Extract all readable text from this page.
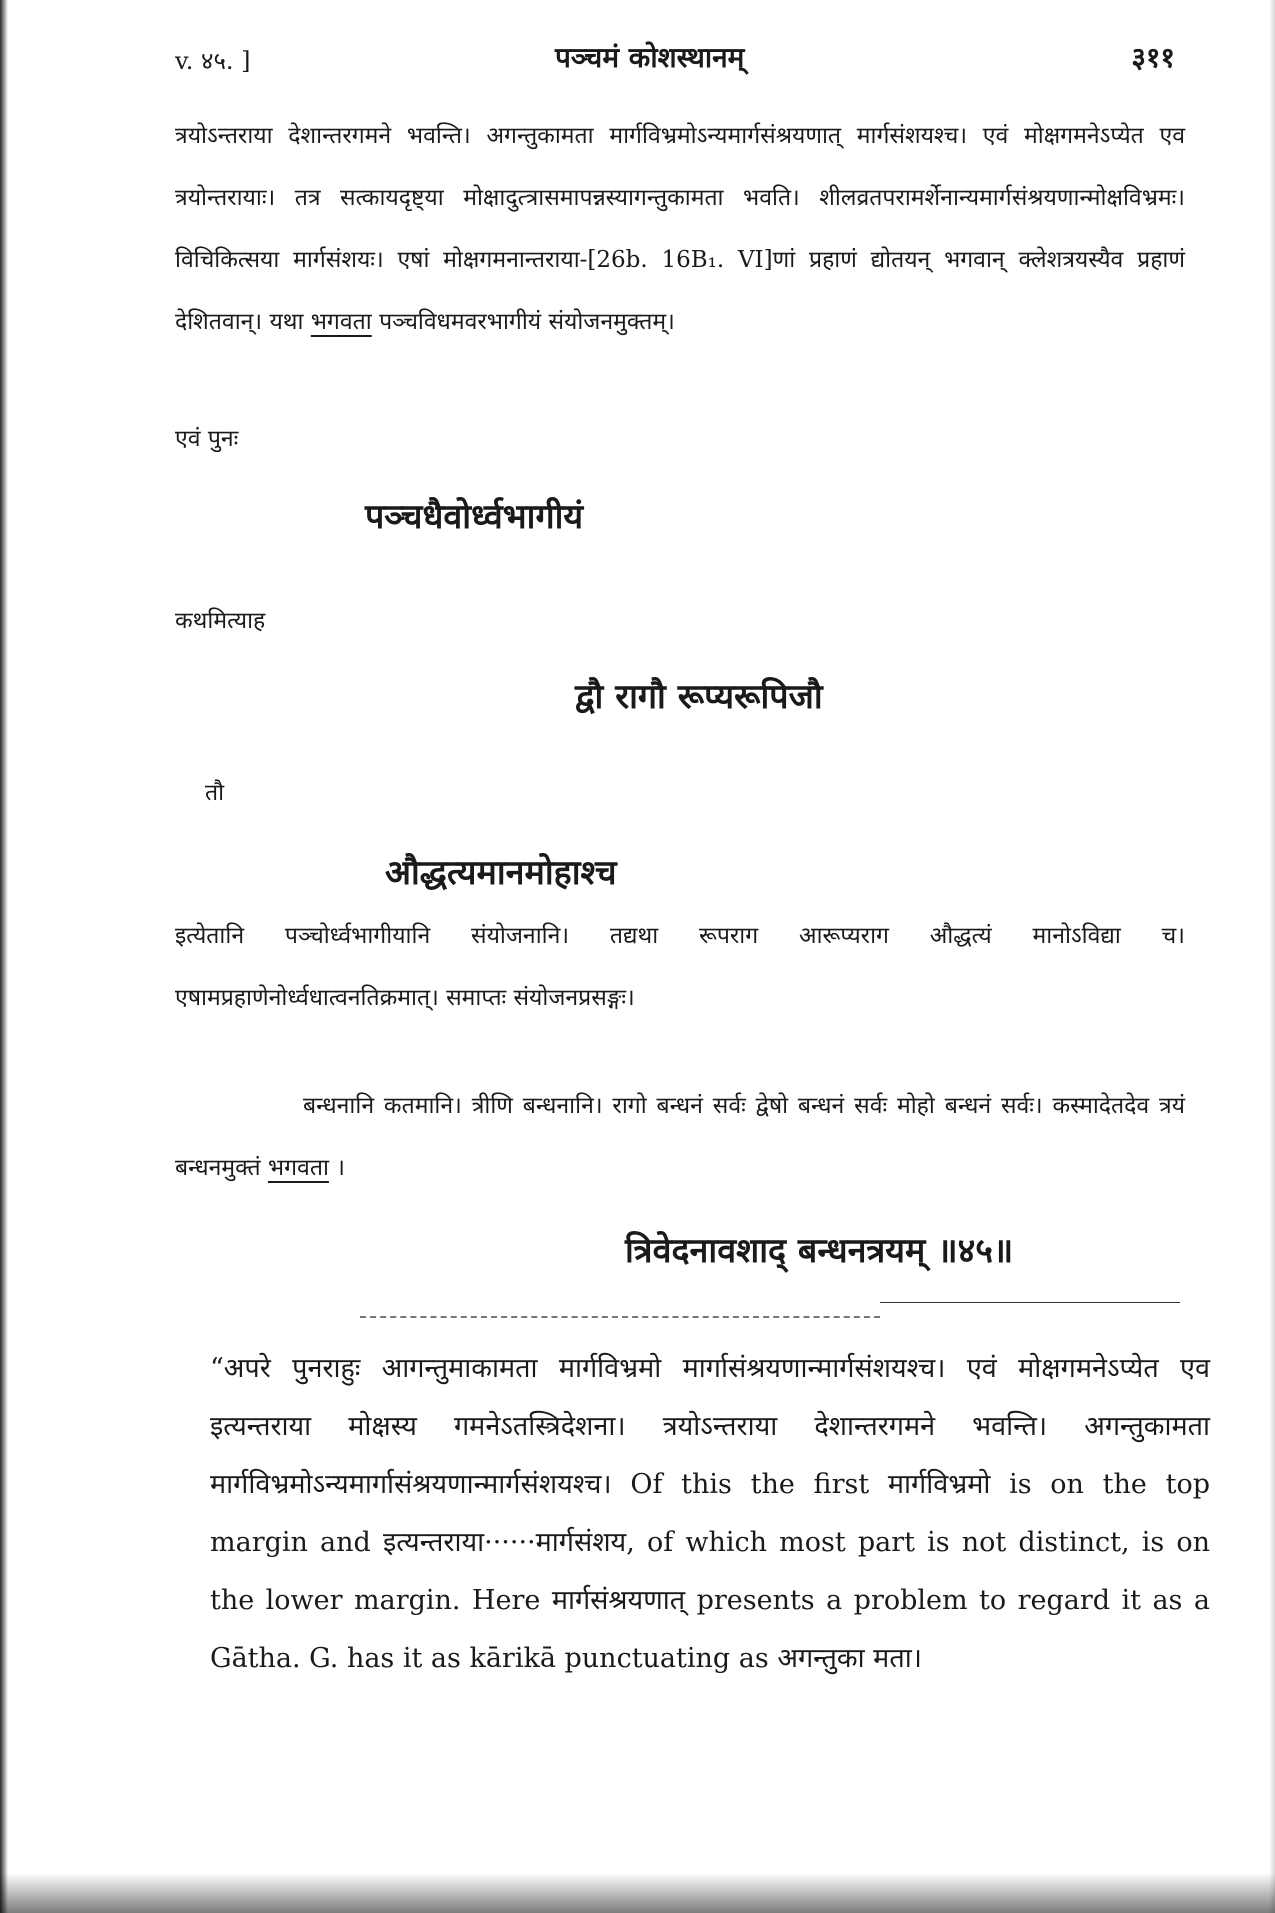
v. ४५. ]	पञ्चमं कोशस्थानम्	३११
त्रयोऽन्तराया देशान्तरगमने भवन्ति। अगन्तुकामता मार्गविभ्रमोऽन्यमार्गसंश्रयणात् मार्गसंशयश्च। एवं मोक्षगमनेऽप्येत एव त्रयोन्तरायाः। तत्र सत्कायदृष्ट्या मोक्षादुत्त्रासमापन्नस्यागन्तुकामता भवति। शीलव्रतपरामर्शेनान्यमार्गसंश्रयणान्मोक्षविभ्रमः। विचिकित्सया मार्गसंशयः। एषां मोक्षगमनान्तराया-[26b. 16B₁. VI]णां प्रहाणं द्योतयन् भगवान् क्लेशत्रयस्यैव प्रहाणं देशितवान्। यथा भगवता पञ्चविधमवरभागीयं संयोजनमुक्तम्।
एवं पुनः
पञ्चधैवोर्ध्वभागीयं
कथमित्याह
द्वौ रागौ रूप्यरूपिजौ
तौ
औद्धत्यमानमोहाश्च
इत्येतानि पञ्चोर्ध्वभागीयानि संयोजनानि। तद्यथा रूपराग आरूप्यराग औद्धत्यं मानोऽविद्या च। एषामप्रहाणेनोर्ध्वधात्वनतिक्रमात्। समाप्तः संयोजनप्रसङ्गः।
बन्धनानि कतमानि। त्रीणि बन्धनानि। रागो बन्धनं सर्वः द्वेषो बन्धनं सर्वः मोहो बन्धनं सर्वः। कस्मादेतदेव त्रयं बन्धनमुक्तं भगवता ।
त्रिवेदनावशाद् बन्धनत्रयम् ॥४५॥
“अपरे पुनराहुः आगन्तुमाकामता मार्गविभ्रमो मार्गासंश्रयणान्मार्गसंशयश्च। एवं मोक्षगमनेऽप्येत एव इत्यन्तराया मोक्षस्य गमनेऽतस्त्रिदेशना। त्रयोऽन्तराया देशान्तरगमने भवन्ति। अगन्तुकामता मार्गविभ्रमोऽन्यमार्गासंश्रयणान्मार्गसंशयश्च। Of this the first मार्गविभ्रमो is on the top margin and इत्यन्तराया······मार्गसंशय, of which most part is not distinct, is on the lower margin. Here मार्गसंश्रयणात् presents a problem to regard it as a Gātha. G. has it as kārikā punctuating as अगन्तुका मता।
